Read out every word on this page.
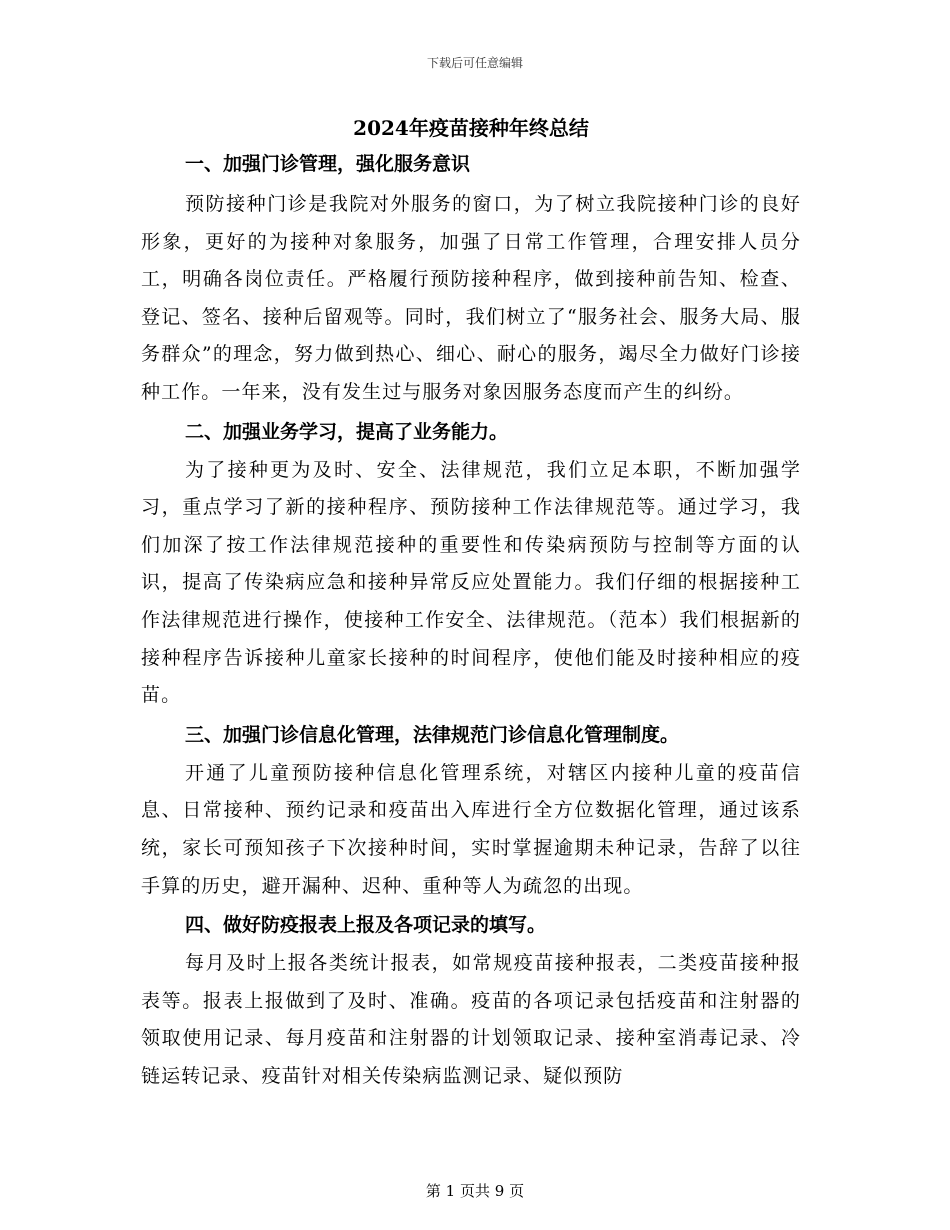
下载后可任意编辑
2024年疫苗接种年终总结
一、加强门诊管理，强化服务意识

预防接种门诊是我院对外服务的窗口，为了树立我院接种门诊的良好形象，更好的为接种对象服务，加强了日常工作管理，合理安排人员分工，明确各岗位责任。严格履行预防接种程序，做到接种前告知、检查、登记、签名、接种后留观等。同时，我们树立了“服务社会、服务大局、服务群众”的理念，努力做到热心、细心、耐心的服务，竭尽全力做好门诊接种工作。一年来，没有发生过与服务对象因服务态度而产生的纠纷。

二、加强业务学习，提高了业务能力。

为了接种更为及时、安全、法律规范，我们立足本职，不断加强学习，重点学习了新的接种程序、预防接种工作法律规范等。通过学习，我们加深了按工作法律规范接种的重要性和传染病预防与控制等方面的认识，提高了传染病应急和接种异常反应处置能力。我们仔细的根据接种工作法律规范进行操作，使接种工作安全、法律规范。（范本）我们根据新的接种程序告诉接种儿童家长接种的时间程序，使他们能及时接种相应的疫苗。

三、加强门诊信息化管理，法律规范门诊信息化管理制度。

开通了儿童预防接种信息化管理系统，对辖区内接种儿童的疫苗信息、日常接种、预约记录和疫苗出入库进行全方位数据化管理，通过该系统，家长可预知孩子下次接种时间，实时掌握逾期未种记录，告辞了以往手算的历史，避开漏种、迟种、重种等人为疏忽的出现。

四、做好防疫报表上报及各项记录的填写。

每月及时上报各类统计报表，如常规疫苗接种报表，二类疫苗接种报表等。报表上报做到了及时、准确。疫苗的各项记录包括疫苗和注射器的领取使用记录、每月疫苗和注射器的计划领取记录、接种室消毒记录、冷链运转记录、疫苗针对相关传染病监测记录、疑似预防

第 1 页共 9 页
